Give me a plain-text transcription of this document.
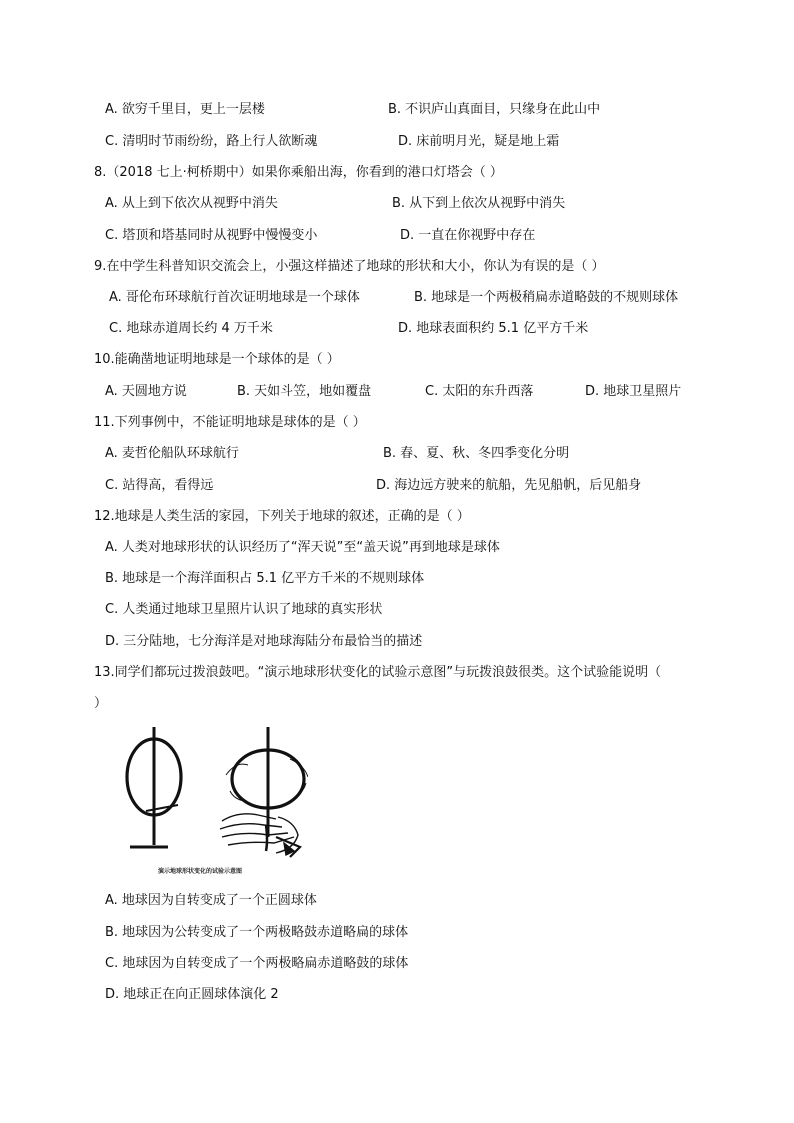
A. 欲穷千里目，更上一层楼	B. 不识庐山真面目，只缘身在此山中
C. 清明时节雨纷纷，路上行人欲断魂	D. 床前明月光，疑是地上霜
8.（2018 七上·柯桥期中）如果你乘船出海，你看到的港口灯塔会（ ）
A. 从上到下依次从视野中消失	B. 从下到上依次从视野中消失
C. 塔顶和塔基同时从视野中慢慢变小	D. 一直在你视野中存在
9.在中学生科普知识交流会上，小强这样描述了地球的形状和大小，你认为有误的是（ ）
A. 哥伦布环球航行首次证明地球是一个球体	B. 地球是一个两极稍扁赤道略鼓的不规则球体
C. 地球赤道周长约 4 万千米	D. 地球表面积约 5.1 亿平方千米
10.能确凿地证明地球是一个球体的是（ ）
A. 天圆地方说	B. 天如斗笠，地如覆盘	C. 太阳的东升西落	D. 地球卫星照片
11.下列事例中，不能证明地球是球体的是（ ）
A. 麦哲伦船队环球航行	B. 春、夏、秋、冬四季变化分明
C. 站得高，看得远	D. 海边远方驶来的航船，先见船帆，后见船身
12.地球是人类生活的家园，下列关于地球的叙述，正确的是（ ）
A. 人类对地球形状的认识经历了“浑天说”至“盖天说”再到地球是球体
B. 地球是一个海洋面积占 5.1 亿平方千米的不规则球体
C. 人类通过地球卫星照片认识了地球的真实形状
D. 三分陆地，七分海洋是对地球海陆分布最恰当的描述
13.同学们都玩过拨浪鼓吧。“演示地球形状变化的试验示意图”与玩拨浪鼓很类。这个试验能说明（
）
演示地球形状变化的试验示意图
A. 地球因为自转变成了一个正圆球体
B. 地球因为公转变成了一个两极略鼓赤道略扁的球体
C. 地球因为自转变成了一个两极略扁赤道略鼓的球体
D. 地球正在向正圆球体演化 2
